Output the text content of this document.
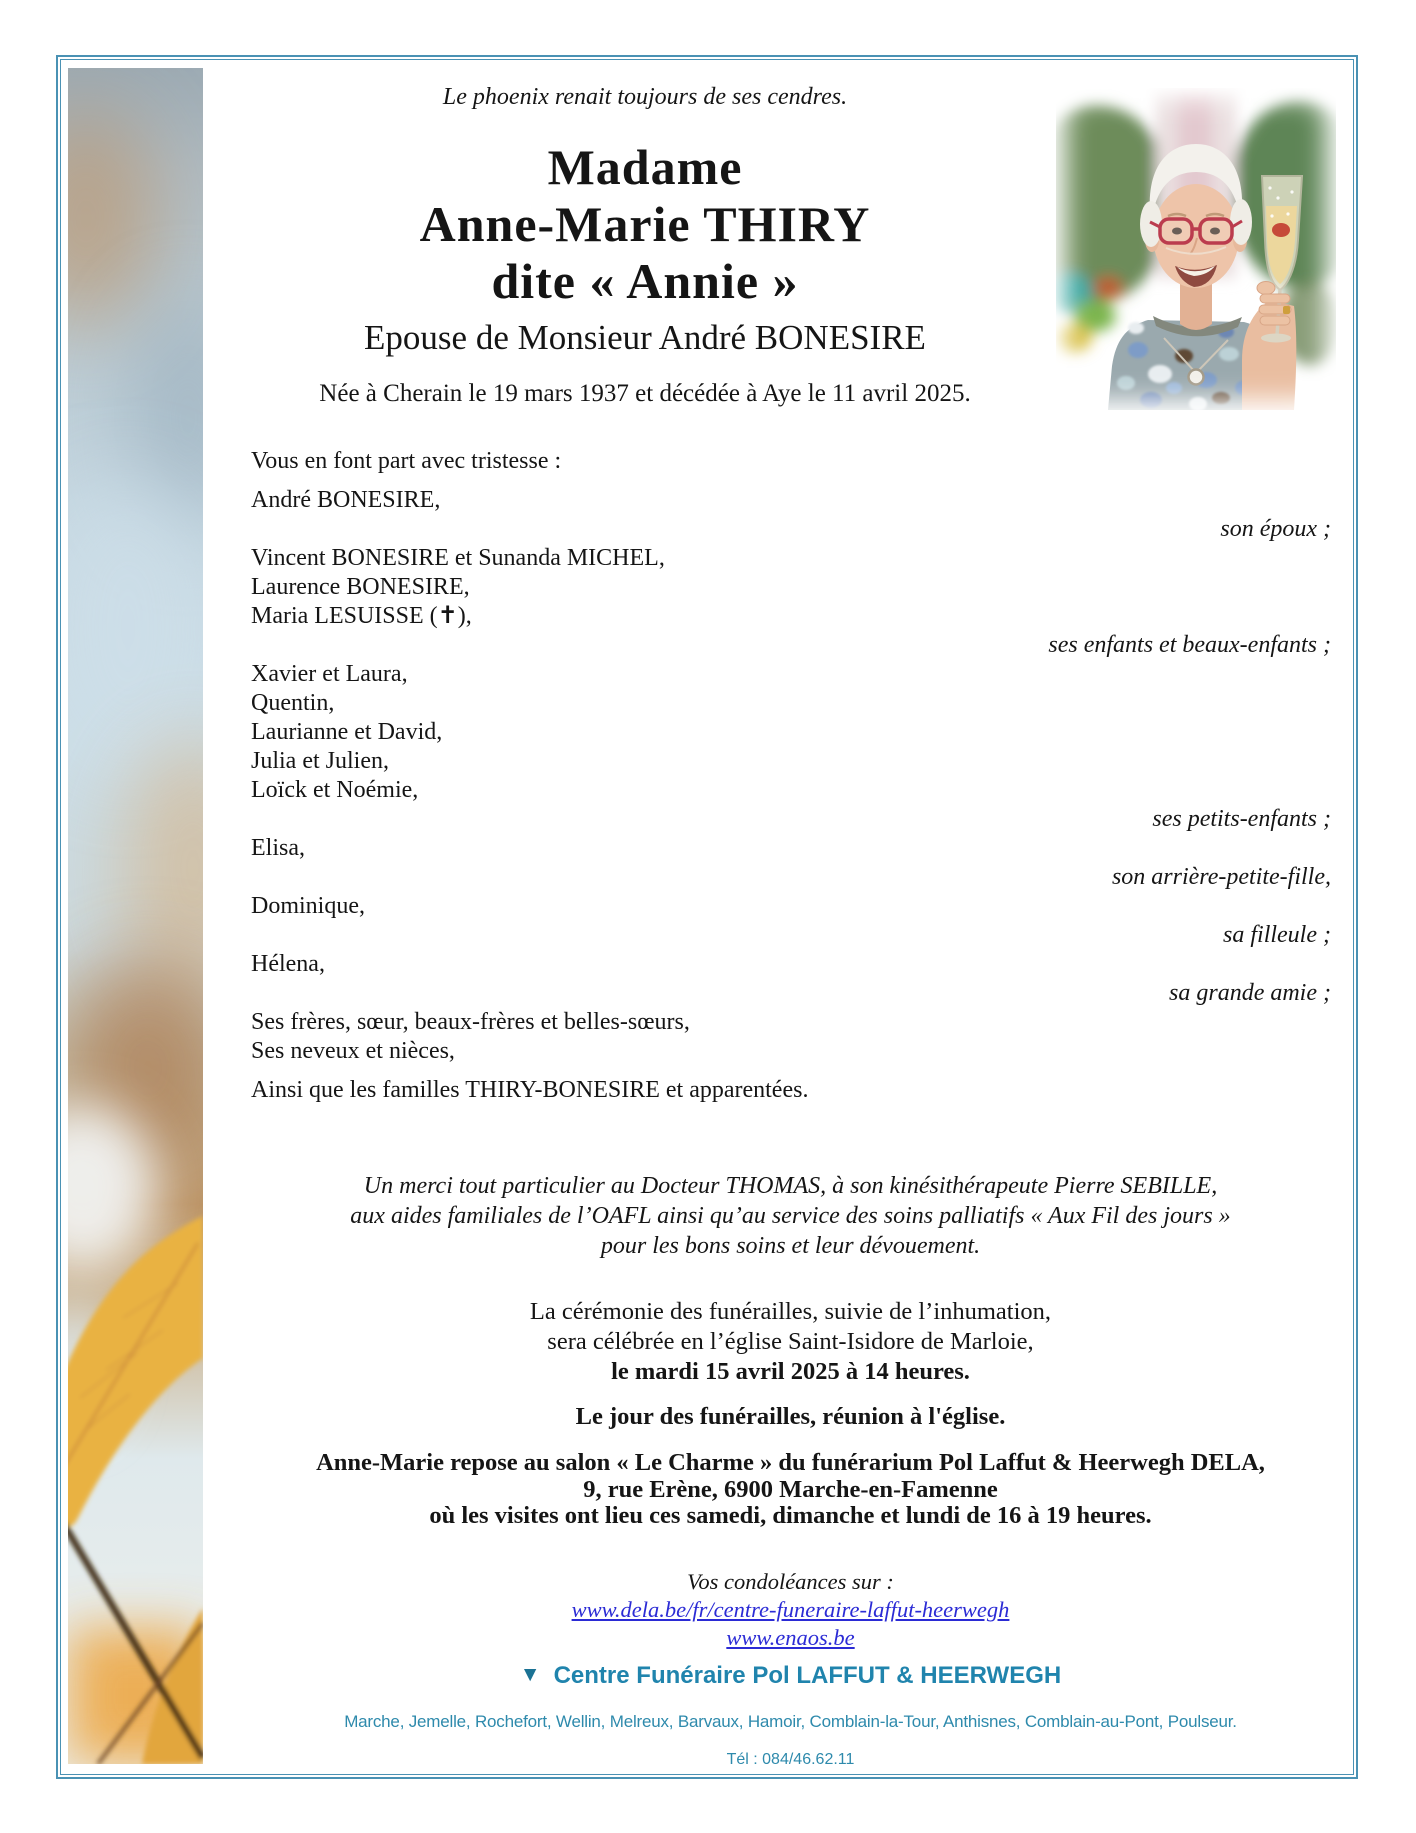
Le phoenix renait toujours de ses cendres.
Madame
Anne-Marie THIRY
dite « Annie »
Epouse de Monsieur André BONESIRE
Née à Cherain le 19 mars 1937 et décédée à Aye le 11 avril 2025.
Vous en font part avec tristesse :
André BONESIRE,
son époux ;
Vincent BONESIRE et Sunanda MICHEL,
Laurence BONESIRE,
Maria LESUISSE (✝),
ses enfants et beaux-enfants ;
Xavier et Laura,
Quentin,
Laurianne et David,
Julia et Julien,
Loïck et Noémie,
ses petits-enfants ;
Elisa,
son arrière-petite-fille,
Dominique,
sa filleule ;
Hélena,
sa grande amie ;
Ses frères, sœur, beaux-frères et belles-sœurs,
Ses neveux et nièces,
Ainsi que les familles THIRY-BONESIRE et apparentées.
Un merci tout particulier au Docteur THOMAS, à son kinésithérapeute Pierre SEBILLE,
aux aides familiales de l’OAFL ainsi qu’au service des soins palliatifs « Aux Fil des jours »
pour les bons soins et leur dévouement.
La cérémonie des funérailles, suivie de l’inhumation,
sera célébrée en l’église Saint-Isidore de Marloie,
le mardi 15 avril 2025 à 14 heures.
Le jour des funérailles, réunion à l'église.
Anne-Marie repose au salon « Le Charme » du funérarium Pol Laffut & Heerwegh DELA,
9, rue Erène, 6900 Marche-en-Famenne
où les visites ont lieu ces samedi, dimanche et lundi de 16 à 19 heures.
Vos condoléances sur :
www.dela.be/fr/centre-funeraire-laffut-heerwegh
www.enaos.be
▼ Centre Funéraire Pol LAFFUT & HEERWEGH
Marche, Jemelle, Rochefort, Wellin, Melreux, Barvaux, Hamoir, Comblain-la-Tour, Anthisnes, Comblain-au-Pont, Poulseur.
Tél : 084/46.62.11
